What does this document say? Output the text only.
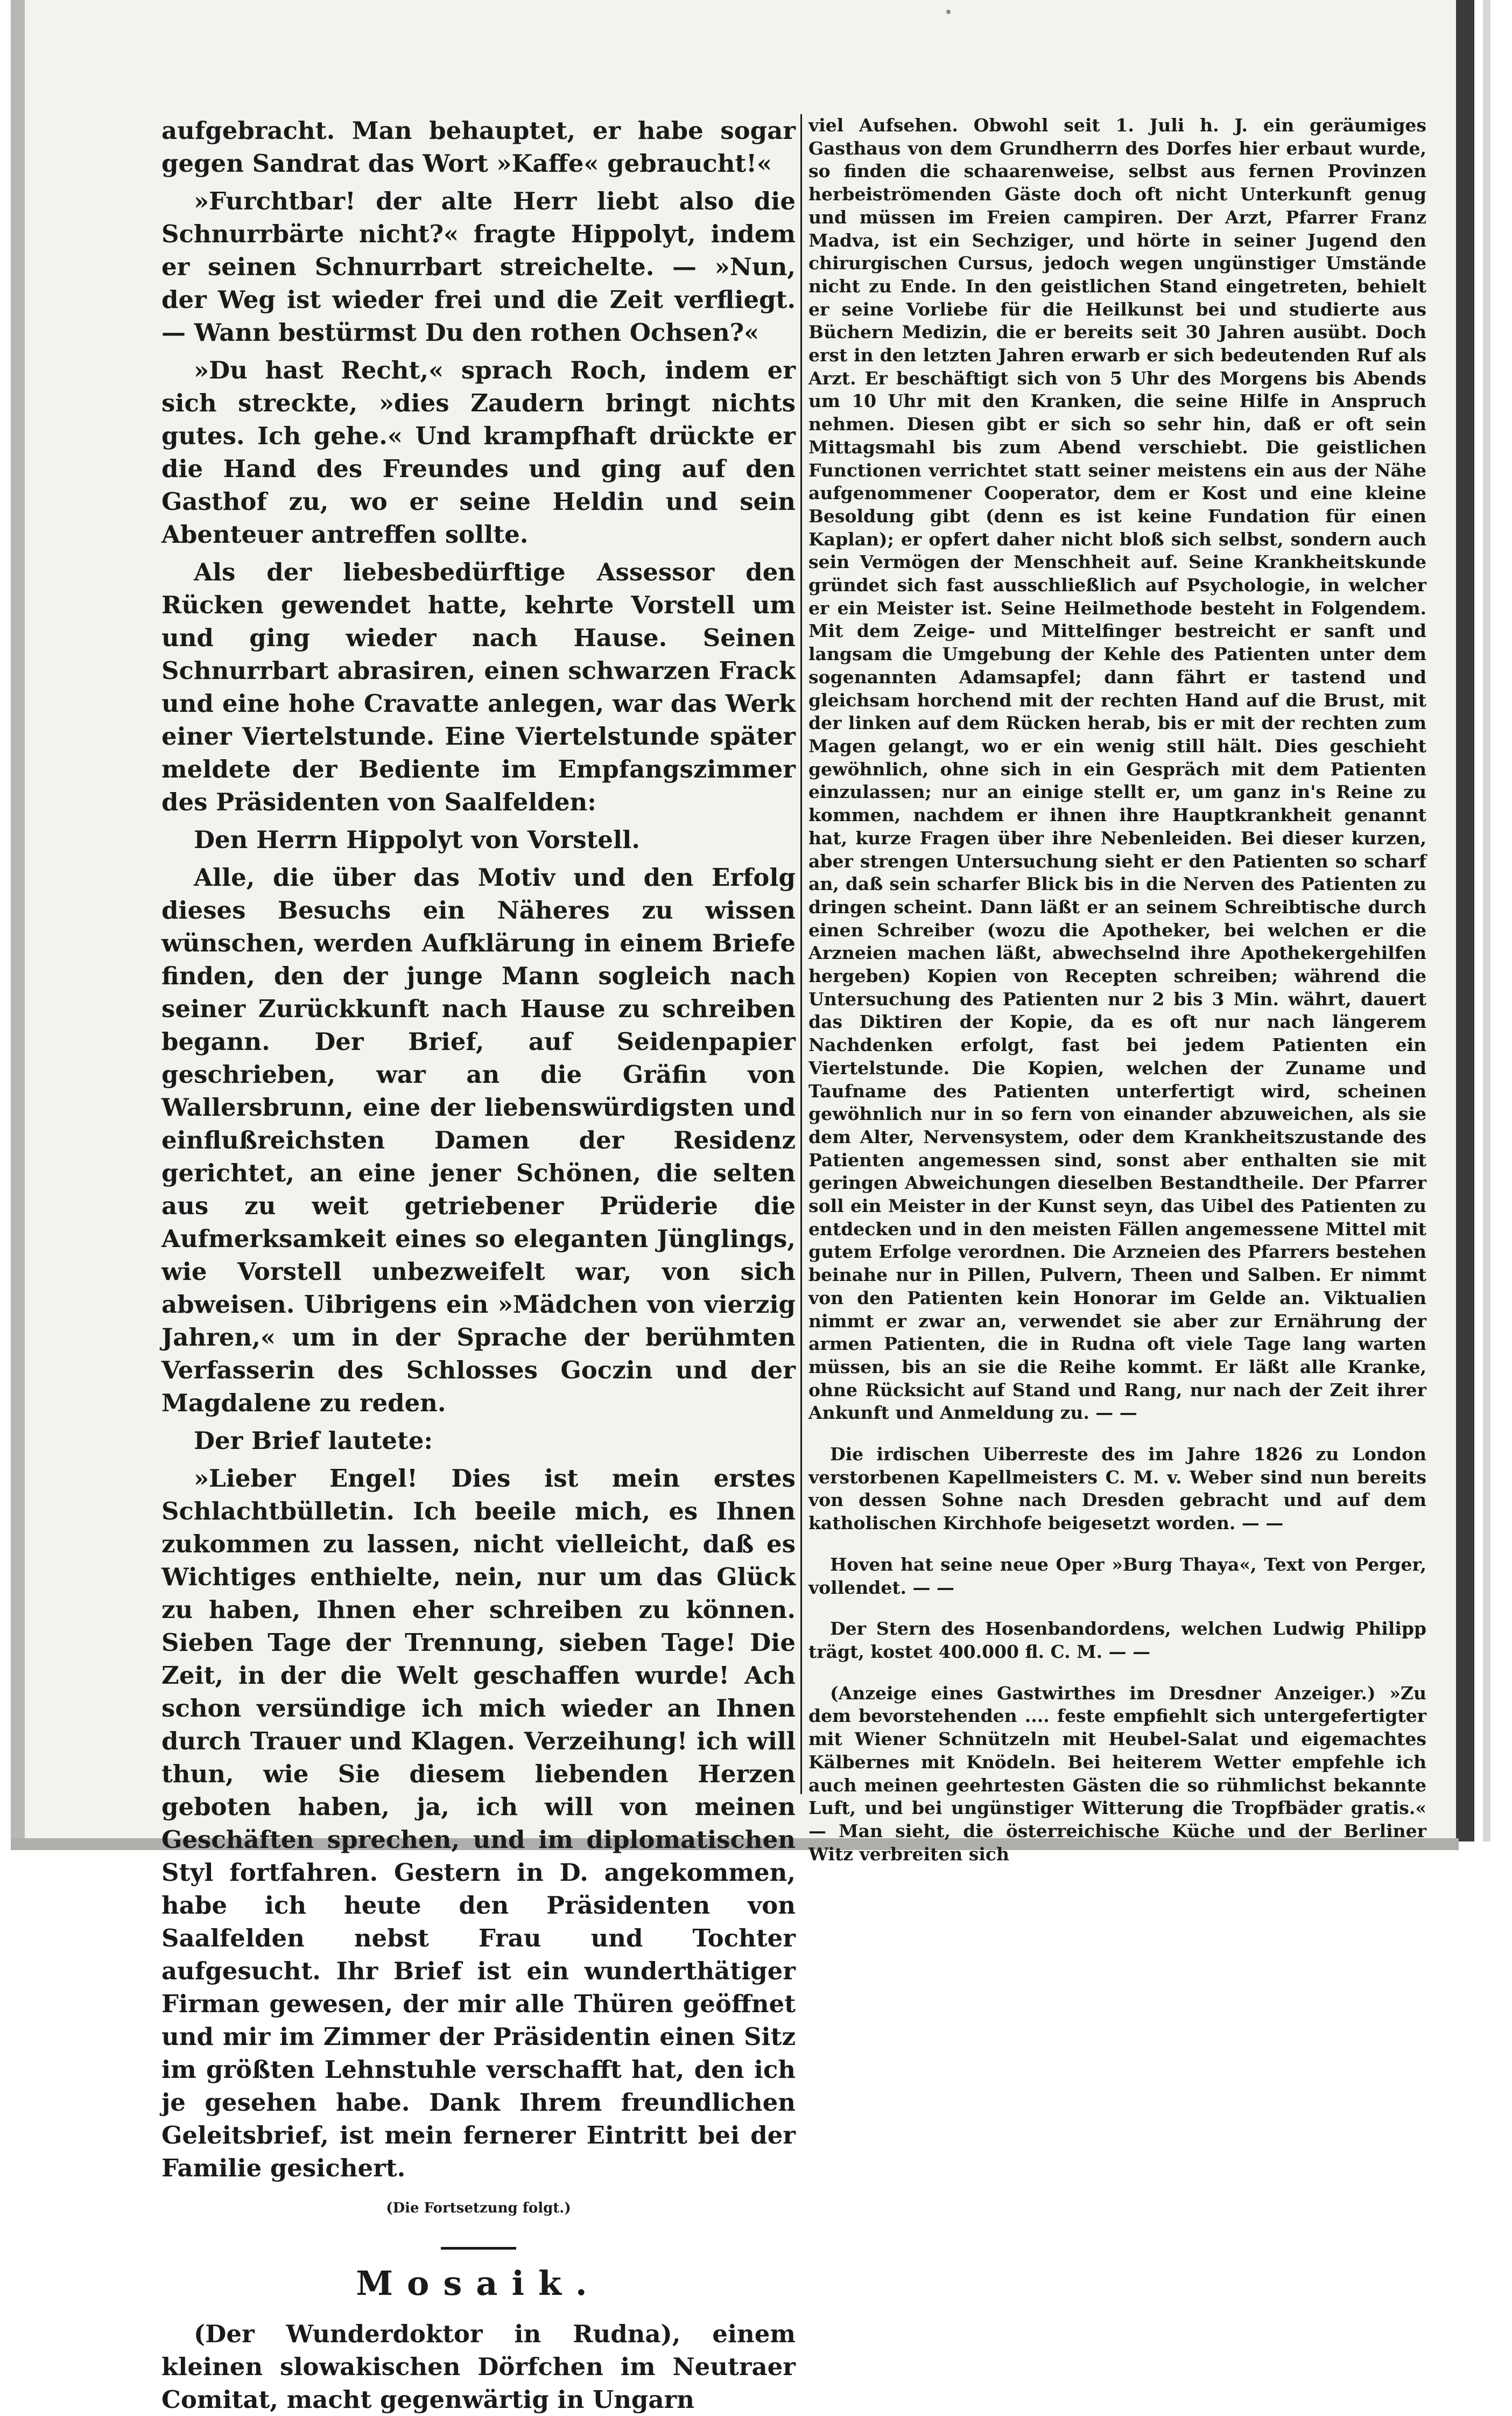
aufgebracht. Man behauptet, er habe sogar gegen Sandrat das Wort »Kaffe« gebraucht!«

»Furchtbar! der alte Herr liebt also die Schnurrbärte nicht?« fragte Hippolyt, indem er seinen Schnurrbart streichelte. — »Nun, der Weg ist wieder frei und die Zeit verfliegt. — Wann bestürmst Du den rothen Ochsen?«

»Du hast Recht,« sprach Roch, indem er sich streckte, »dies Zaudern bringt nichts gutes. Ich gehe.« Und krampfhaft drückte er die Hand des Freundes und ging auf den Gasthof zu, wo er seine Heldin und sein Abenteuer antreffen sollte.

Als der liebesbedürftige Assessor den Rücken gewendet hatte, kehrte Vorstell um und ging wieder nach Hause. Seinen Schnurrbart abrasiren, einen schwarzen Frack und eine hohe Cravatte anlegen, war das Werk einer Viertelstunde. Eine Viertelstunde später meldete der Bediente im Empfangszimmer des Präsidenten von Saalfelden:

Den Herrn Hippolyt von Vorstell.

Alle, die über das Motiv und den Erfolg dieses Besuchs ein Näheres zu wissen wünschen, werden Aufklärung in einem Briefe finden, den der junge Mann sogleich nach seiner Zurückkunft nach Hause zu schreiben begann. Der Brief, auf Seidenpapier geschrieben, war an die Gräfin von Wallersbrunn, eine der liebenswürdigsten und einflußreichsten Damen der Residenz gerichtet, an eine jener Schönen, die selten aus zu weit getriebener Prüderie die Aufmerksamkeit eines so eleganten Jünglings, wie Vorstell unbezweifelt war, von sich abweisen. Uibrigens ein »Mädchen von vierzig Jahren,« um in der Sprache der berühmten Verfasserin des Schlosses Goczin und der Magdalene zu reden.

Der Brief lautete:

»Lieber Engel! Dies ist mein erstes Schlachtbülletin. Ich beeile mich, es Ihnen zukommen zu lassen, nicht vielleicht, daß es Wichtiges enthielte, nein, nur um das Glück zu haben, Ihnen eher schreiben zu können. Sieben Tage der Trennung, sieben Tage! Die Zeit, in der die Welt geschaffen wurde! Ach schon versündige ich mich wieder an Ihnen durch Trauer und Klagen. Verzeihung! ich will thun, wie Sie diesem liebenden Herzen geboten haben, ja, ich will von meinen Geschäften sprechen, und im diplomatischen Styl fortfahren. Gestern in D. angekommen, habe ich heute den Präsidenten von Saalfelden nebst Frau und Tochter aufgesucht. Ihr Brief ist ein wunderthätiger Firman gewesen, der mir alle Thüren geöffnet und mir im Zimmer der Präsidentin einen Sitz im größten Lehnstuhle verschafft hat, den ich je gesehen habe. Dank Ihrem freundlichen Geleitsbrief, ist mein fernerer Eintritt bei der Familie gesichert.

(Die Fortsetzung folgt.)

Mosaik.

(Der Wunderdoktor in Rudna), einem kleinen slowakischen Dörfchen im Neutraer Comitat, macht gegenwärtig in Ungarn

viel Aufsehen. Obwohl seit 1. Juli h. J. ein geräumiges Gasthaus von dem Grundherrn des Dorfes hier erbaut wurde, so finden die schaarenweise, selbst aus fernen Provinzen herbeiströmenden Gäste doch oft nicht Unterkunft genug und müssen im Freien campiren. Der Arzt, Pfarrer Franz Madva, ist ein Sechziger, und hörte in seiner Jugend den chirurgischen Cursus, jedoch wegen ungünstiger Umstände nicht zu Ende. In den geistlichen Stand eingetreten, behielt er seine Vorliebe für die Heilkunst bei und studierte aus Büchern Medizin, die er bereits seit 30 Jahren ausübt. Doch erst in den letzten Jahren erwarb er sich bedeutenden Ruf als Arzt. Er beschäftigt sich von 5 Uhr des Morgens bis Abends um 10 Uhr mit den Kranken, die seine Hilfe in Anspruch nehmen. Diesen gibt er sich so sehr hin, daß er oft sein Mittagsmahl bis zum Abend verschiebt. Die geistlichen Functionen verrichtet statt seiner meistens ein aus der Nähe aufgenommener Cooperator, dem er Kost und eine kleine Besoldung gibt (denn es ist keine Fundation für einen Kaplan); er opfert daher nicht bloß sich selbst, sondern auch sein Vermögen der Menschheit auf. Seine Krankheitskunde gründet sich fast ausschließlich auf Psychologie, in welcher er ein Meister ist. Seine Heilmethode besteht in Folgendem. Mit dem Zeige- und Mittelfinger bestreicht er sanft und langsam die Umgebung der Kehle des Patienten unter dem sogenannten Adamsapfel; dann fährt er tastend und gleichsam horchend mit der rechten Hand auf die Brust, mit der linken auf dem Rücken herab, bis er mit der rechten zum Magen gelangt, wo er ein wenig still hält. Dies geschieht gewöhnlich, ohne sich in ein Gespräch mit dem Patienten einzulassen; nur an einige stellt er, um ganz in's Reine zu kommen, nachdem er ihnen ihre Hauptkrankheit genannt hat, kurze Fragen über ihre Nebenleiden. Bei dieser kurzen, aber strengen Untersuchung sieht er den Patienten so scharf an, daß sein scharfer Blick bis in die Nerven des Patienten zu dringen scheint. Dann läßt er an seinem Schreibtische durch einen Schreiber (wozu die Apotheker, bei welchen er die Arzneien machen läßt, abwechselnd ihre Apothekergehilfen hergeben) Kopien von Recepten schreiben; während die Untersuchung des Patienten nur 2 bis 3 Min. währt, dauert das Diktiren der Kopie, da es oft nur nach längerem Nachdenken erfolgt, fast bei jedem Patienten ein Viertelstunde. Die Kopien, welchen der Zuname und Taufname des Patienten unterfertigt wird, scheinen gewöhnlich nur in so fern von einander abzuweichen, als sie dem Alter, Nervensystem, oder dem Krankheitszustande des Patienten angemessen sind, sonst aber enthalten sie mit geringen Abweichungen dieselben Bestandtheile. Der Pfarrer soll ein Meister in der Kunst seyn, das Uibel des Patienten zu entdecken und in den meisten Fällen angemessene Mittel mit gutem Erfolge verordnen. Die Arzneien des Pfarrers bestehen beinahe nur in Pillen, Pulvern, Theen und Salben. Er nimmt von den Patienten kein Honorar im Gelde an. Viktualien nimmt er zwar an, verwendet sie aber zur Ernährung der armen Patienten, die in Rudna oft viele Tage lang warten müssen, bis an sie die Reihe kommt. Er läßt alle Kranke, ohne Rücksicht auf Stand und Rang, nur nach der Zeit ihrer Ankunft und Anmeldung zu. — —

Die irdischen Uiberreste des im Jahre 1826 zu London verstorbenen Kapellmeisters C. M. v. Weber sind nun bereits von dessen Sohne nach Dresden gebracht und auf dem katholischen Kirchhofe beigesetzt worden. — —

Hoven hat seine neue Oper »Burg Thaya«, Text von Perger, vollendet. — —

Der Stern des Hosenbandordens, welchen Ludwig Philipp trägt, kostet 400.000 fl. C. M. — —

(Anzeige eines Gastwirthes im Dresdner Anzeiger.) »Zu dem bevorstehenden .... feste empfiehlt sich untergefertigter mit Wiener Schnützeln mit Heubel-Salat und eigemachtes Kälbernes mit Knödeln. Bei heiterem Wetter empfehle ich auch meinen geehrtesten Gästen die so rühmlichst bekannte Luft, und bei ungünstiger Witterung die Tropfbäder gratis.« — Man sieht, die österreichische Küche und der Berliner Witz verbreiten sich
